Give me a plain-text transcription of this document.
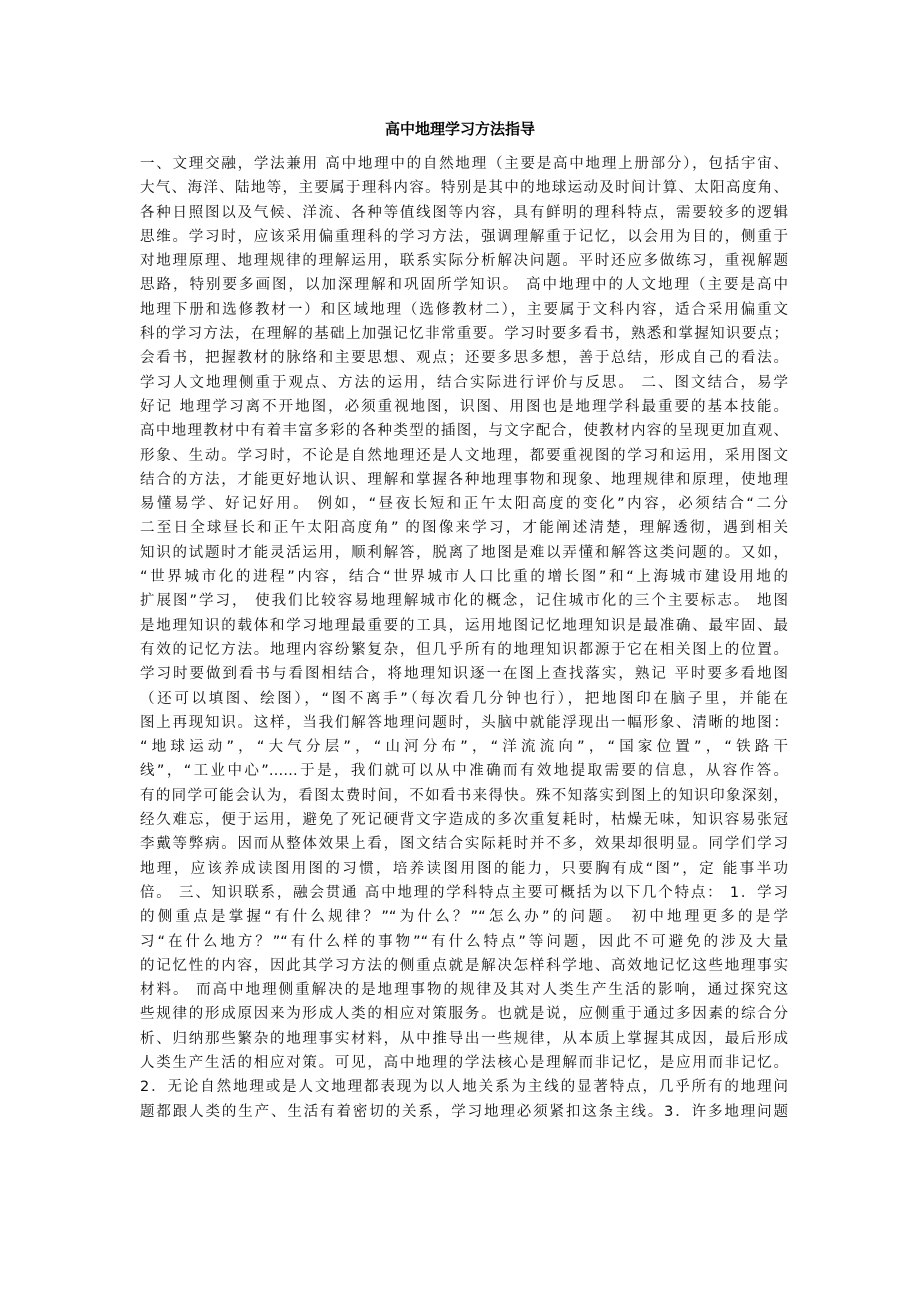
高中地理学习方法指导
一、文理交融，学法兼用 高中地理中的自然地理（主要是高中地理上册部分），包括宇宙、
大气、海洋、陆地等，主要属于理科内容。特别是其中的地球运动及时间计算、太阳高度角、
各种日照图以及气候、洋流、各种等值线图等内容，具有鲜明的理科特点，需要较多的逻辑
思维。学习时，应该采用偏重理科的学习方法，强调理解重于记忆，以会用为目的，侧重于
对地理原理、地理规律的理解运用，联系实际分析解决问题。平时还应多做练习，重视解题
思路，特别要多画图，以加深理解和巩固所学知识。 高中地理中的人文地理（主要是高中
地理下册和选修教材一）和区域地理（选修教材二），主要属于文科内容，适合采用偏重文
科的学习方法，在理解的基础上加强记忆非常重要。学习时要多看书，熟悉和掌握知识要点；
会看书，把握教材的脉络和主要思想、观点；还要多思多想，善于总结，形成自己的看法。
学习人文地理侧重于观点、方法的运用，结合实际进行评价与反思。 二、图文结合，易学
好记 地理学习离不开地图，必须重视地图，识图、用图也是地理学科最重要的基本技能。
高中地理教材中有着丰富多彩的各种类型的插图，与文字配合，使教材内容的呈现更加直观、
形象、生动。学习时，不论是自然地理还是人文地理，都要重视图的学习和运用，采用图文
结合的方法，才能更好地认识、理解和掌握各种地理事物和现象、地理规律和原理，使地理
易懂易学、好记好用。 例如，“昼夜长短和正午太阳高度的变化”内容，必须结合“二分
二至日全球昼长和正午太阳高度角” 的图像来学习，才能阐述清楚，理解透彻，遇到相关
知识的试题时才能灵活运用，顺利解答，脱离了地图是难以弄懂和解答这类问题的。又如，
“世界城市化的进程”内容，结合“世界城市人口比重的增长图”和“上海城市建设用地的
扩展图”学习， 使我们比较容易地理解城市化的概念，记住城市化的三个主要标志。 地图
是地理知识的载体和学习地理最重要的工具，运用地图记忆地理知识是最准确、最牢固、最
有效的记忆方法。地理内容纷繁复杂，但几乎所有的地理知识都源于它在相关图上的位置。
学习时要做到看书与看图相结合，将地理知识逐一在图上查找落实，熟记 平时要多看地图
（还可以填图、绘图），“图不离手”（每次看几分钟也行），把地图印在脑子里，并能在
图上再现知识。这样，当我们解答地理问题时，头脑中就能浮现出一幅形象、清晰的地图：
“地球运动”，“大气分层”，“山河分布”，“洋流流向”，“国家位置”，“铁路干
线”，“工业中心”……于是，我们就可以从中准确而有效地提取需要的信息，从容作答。
有的同学可能会认为，看图太费时间，不如看书来得快。殊不知落实到图上的知识印象深刻，
经久难忘，便于运用，避免了死记硬背文字造成的多次重复耗时，枯燥无味，知识容易张冠
李戴等弊病。因而从整体效果上看，图文结合实际耗时并不多，效果却很明显。同学们学习
地理，应该养成读图用图的习惯，培养读图用图的能力，只要胸有成“图”，定 能事半功
倍。 三、知识联系，融会贯通 高中地理的学科特点主要可概括为以下几个特点： 1．学习
的侧重点是掌握“有什么规律？”“为什么？”“怎么办”的问题。 初中地理更多的是学
习“在什么地方？”“有什么样的事物”“有什么特点”等问题，因此不可避免的涉及大量
的记忆性的内容，因此其学习方法的侧重点就是解决怎样科学地、高效地记忆这些地理事实
材料。 而高中地理侧重解决的是地理事物的规律及其对人类生产生活的影响，通过探究这
些规律的形成原因来为形成人类的相应对策服务。也就是说，应侧重于通过多因素的综合分
析、归纳那些繁杂的地理事实材料，从中推导出一些规律，从本质上掌握其成因，最后形成
人类生产生活的相应对策。可见，高中地理的学法核心是理解而非记忆，是应用而非记忆。
2．无论自然地理或是人文地理都表现为以人地关系为主线的显著特点，几乎所有的地理问
题都跟人类的生产、生活有着密切的关系，学习地理必须紧扣这条主线。3．许多地理问题
